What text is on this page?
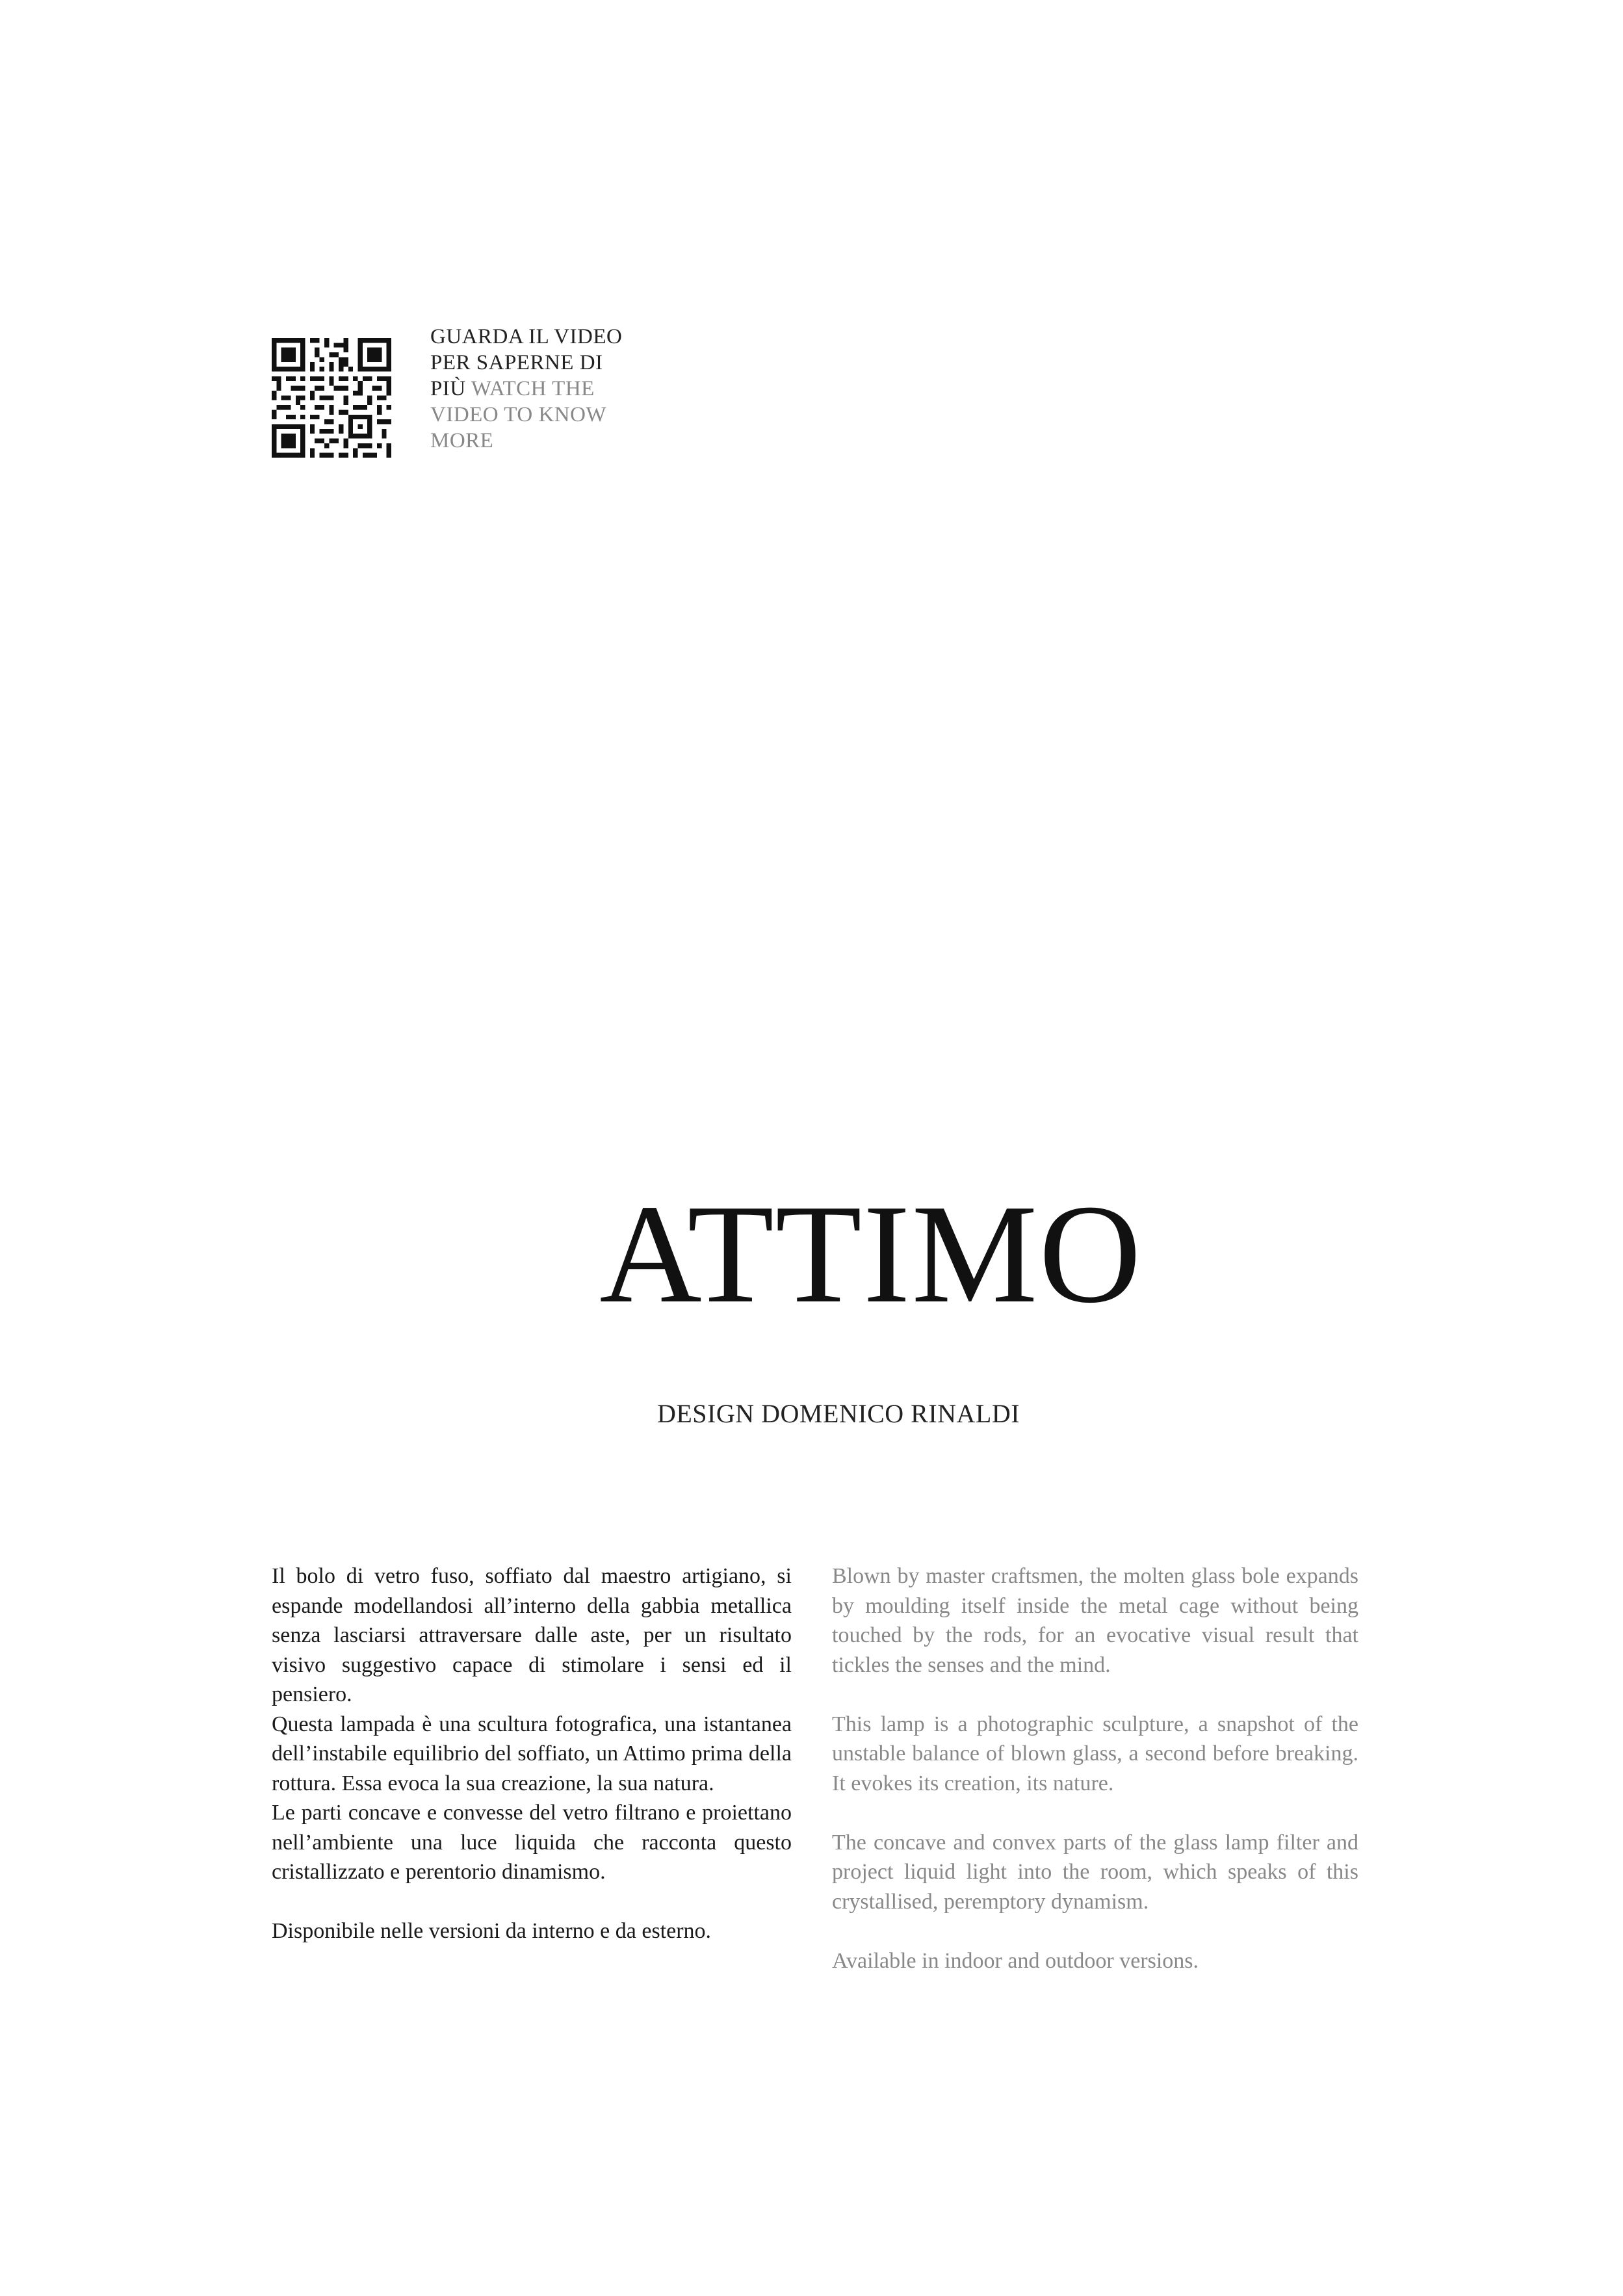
GUARDA IL VIDEO PER SAPERNE DI PIÙ WATCH THE VIDEO TO KNOW MORE
ATTIMO
DESIGN DOMENICO RINALDI

Il bolo di vetro fuso, soffiato dal maestro artigiano, si espande modellandosi all’interno della gabbia metallica senza lasciarsi attraversare dalle aste, per un risultato visivo suggestivo capace di stimolare i sensi ed il pensiero.

Questa lampada è una scultura fotografica, una istantanea dell’instabile equilibrio del soffiato, un Attimo prima della rottura. Essa evoca la sua creazione, la sua natura.

Le parti concave e convesse del vetro filtrano e proiettano nell’ambiente una luce liquida che racconta questo cristallizzato e perentorio dinamismo.

Disponibile nelle versioni da interno e da esterno.

Blown by master craftsmen, the molten glass bole expands by moulding itself inside the metal cage without being touched by the rods, for an evocative visual result that tickles the senses and the mind.

This lamp is a photographic sculpture, a snapshot of the unstable balance of blown glass, a second before breaking. It evokes its creation, its nature.

The concave and convex parts of the glass lamp filter and project liquid light into the room, which speaks of this crystallised, peremptory dynamism.

Available in indoor and outdoor versions.
